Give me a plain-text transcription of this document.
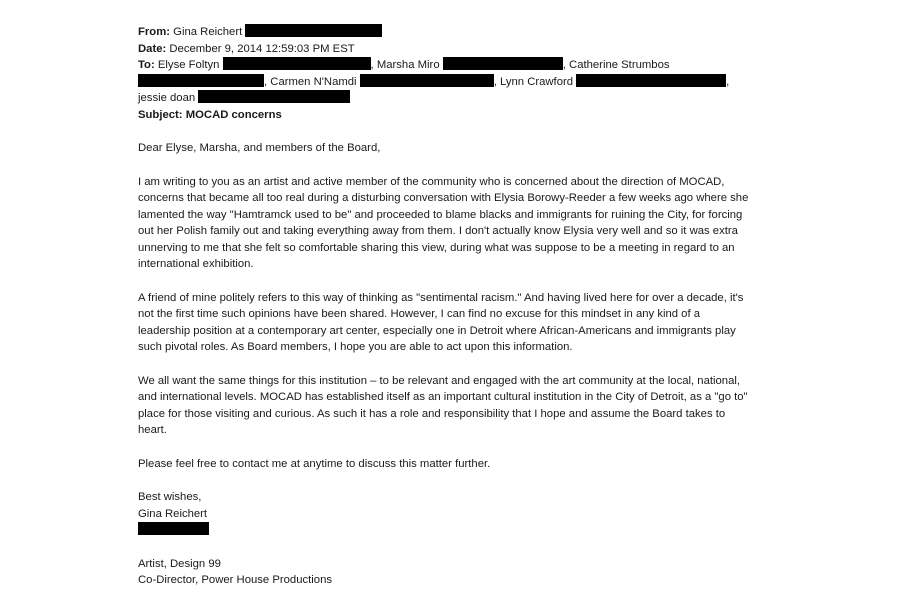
From: Gina Reichert
Date: December 9, 2014 12:59:03 PM EST
To: Elyse Foltyn	, Marsha Miro	, Catherine Strumbos
, Carmen N'Namdi	, Lynn Crawford	,
jessie doan
Subject: MOCAD concerns
Dear Elyse, Marsha, and members of the Board,
I am writing to you as an artist and active member of the community who is concerned about the direction of MOCAD,
concerns that became all too real during a disturbing conversation with Elysia Borowy-Reeder a few weeks ago where she
lamented the way "Hamtramck used to be" and proceeded to blame blacks and immigrants for ruining the City, for forcing
out her Polish family out and taking everything away from them. I don't actually know Elysia very well and so it was extra
unnerving to me that she felt so comfortable sharing this view, during what was suppose to be a meeting in regard to an
international exhibition.
A friend of mine politely refers to this way of thinking as "sentimental racism." And having lived here for over a decade, it's
not the first time such opinions have been shared. However, I can find no excuse for this mindset in any kind of a
leadership position at a contemporary art center, especially one in Detroit where African-Americans and immigrants play
such pivotal roles. As Board members, I hope you are able to act upon this information.
We all want the same things for this institution – to be relevant and engaged with the art community at the local, national,
and international levels. MOCAD has established itself as an important cultural institution in the City of Detroit, as a "go to"
place for those visiting and curious. As such it has a role and responsibility that I hope and assume the Board takes to
heart.
Please feel free to contact me at anytime to discuss this matter further.
Best wishes,
Gina Reichert
Artist, Design 99
Co-Director, Power House Productions
